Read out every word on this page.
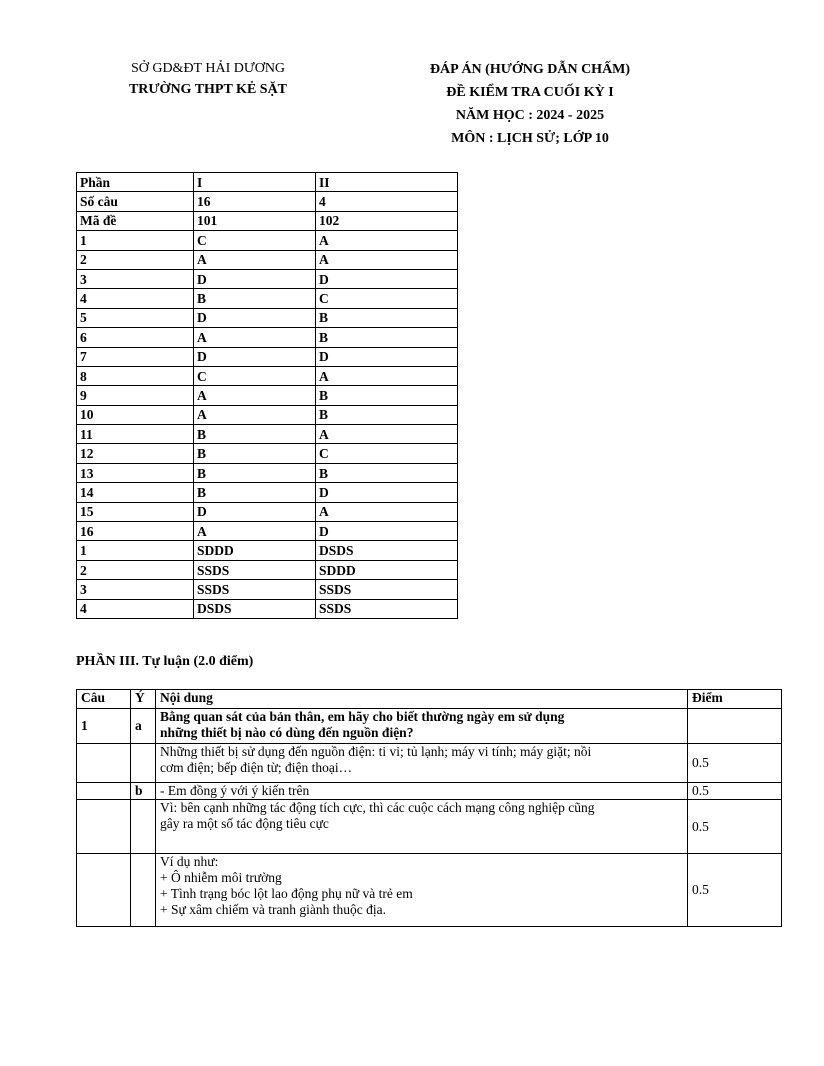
SỞ GD&ĐT HẢI DƯƠNG
TRƯỜNG THPT KẺ SẶT
ĐÁP ÁN (HƯỚNG DẪN CHẤM)
ĐỀ KIỂM TRA CUỐI KỲ I
NĂM HỌC : 2024 - 2025
MÔN : LỊCH SỬ; LỚP 10
Phần	I	II
Số câu	16	4
Mã đề	101	102
1	C	A
2	A	A
3	D	D
4	B	C
5	D	B
6	A	B
7	D	D
8	C	A
9	A	B
10	A	B
11	B	A
12	B	C
13	B	B
14	B	D
15	D	A
16	A	D
1	SDDD	DSDS
2	SSDS	SDDD
3	SSDS	SSDS
4	DSDS	SSDS
PHẦN III. Tự luận (2.0 điểm)
Câu	Ý	Nội dung	Điểm
1	a	Bằng quan sát của bản thân, em hãy cho biết thường ngày em sử dụng
những thiết bị nào có dùng đến nguồn điện?	

		Những thiết bị sử dụng đến nguồn điện: ti vi; tủ lạnh; máy vi tính; máy giặt; nồi
cơm điện; bếp điện từ; điện thoại…	0.5
	b	- Em đồng ý với ý kiến trên	0.5

		Vì: bên cạnh những tác động tích cực, thì các cuộc cách mạng công nghiệp cũng
gây ra một số tác động tiêu cực	0.5

		Ví dụ như:
+ Ô nhiễm môi trường
+ Tình trạng bóc lột lao động phụ nữ và trẻ em
+ Sự xâm chiếm và tranh giành thuộc địa.	0.5
